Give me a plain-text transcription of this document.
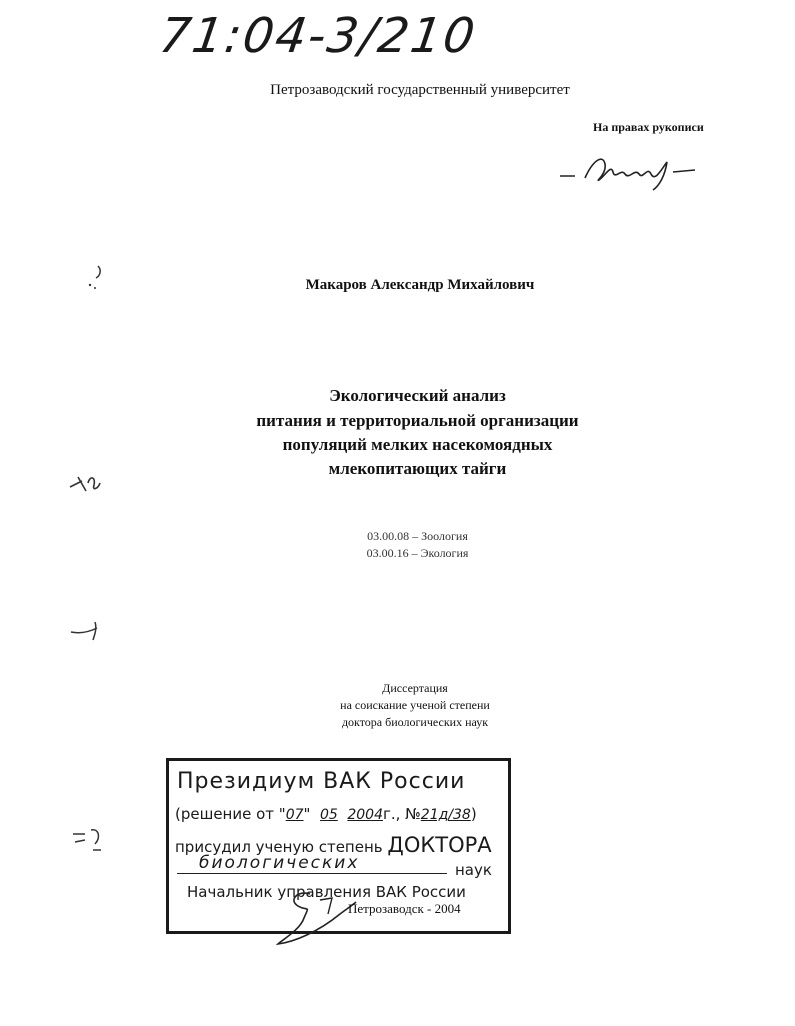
71:04-3/210
Петрозаводский государственный университет
На правах рукописи
Макаров Александр Михайлович
Экологический анализ
питания и территориальной организации
популяций мелких насекомоядных
млекопитающих тайги
03.00.08 – Зоология
03.00.16 – Экология
Диссертация
на соискание ученой степени
доктора биологических наук
Президиум ВАК России
(решение от "07" 05 2004г., №21д/38)
присудил ученую степень ДОКТОРА
биологических	наук
Начальник управления ВАК России
Петрозаводск - 2004
